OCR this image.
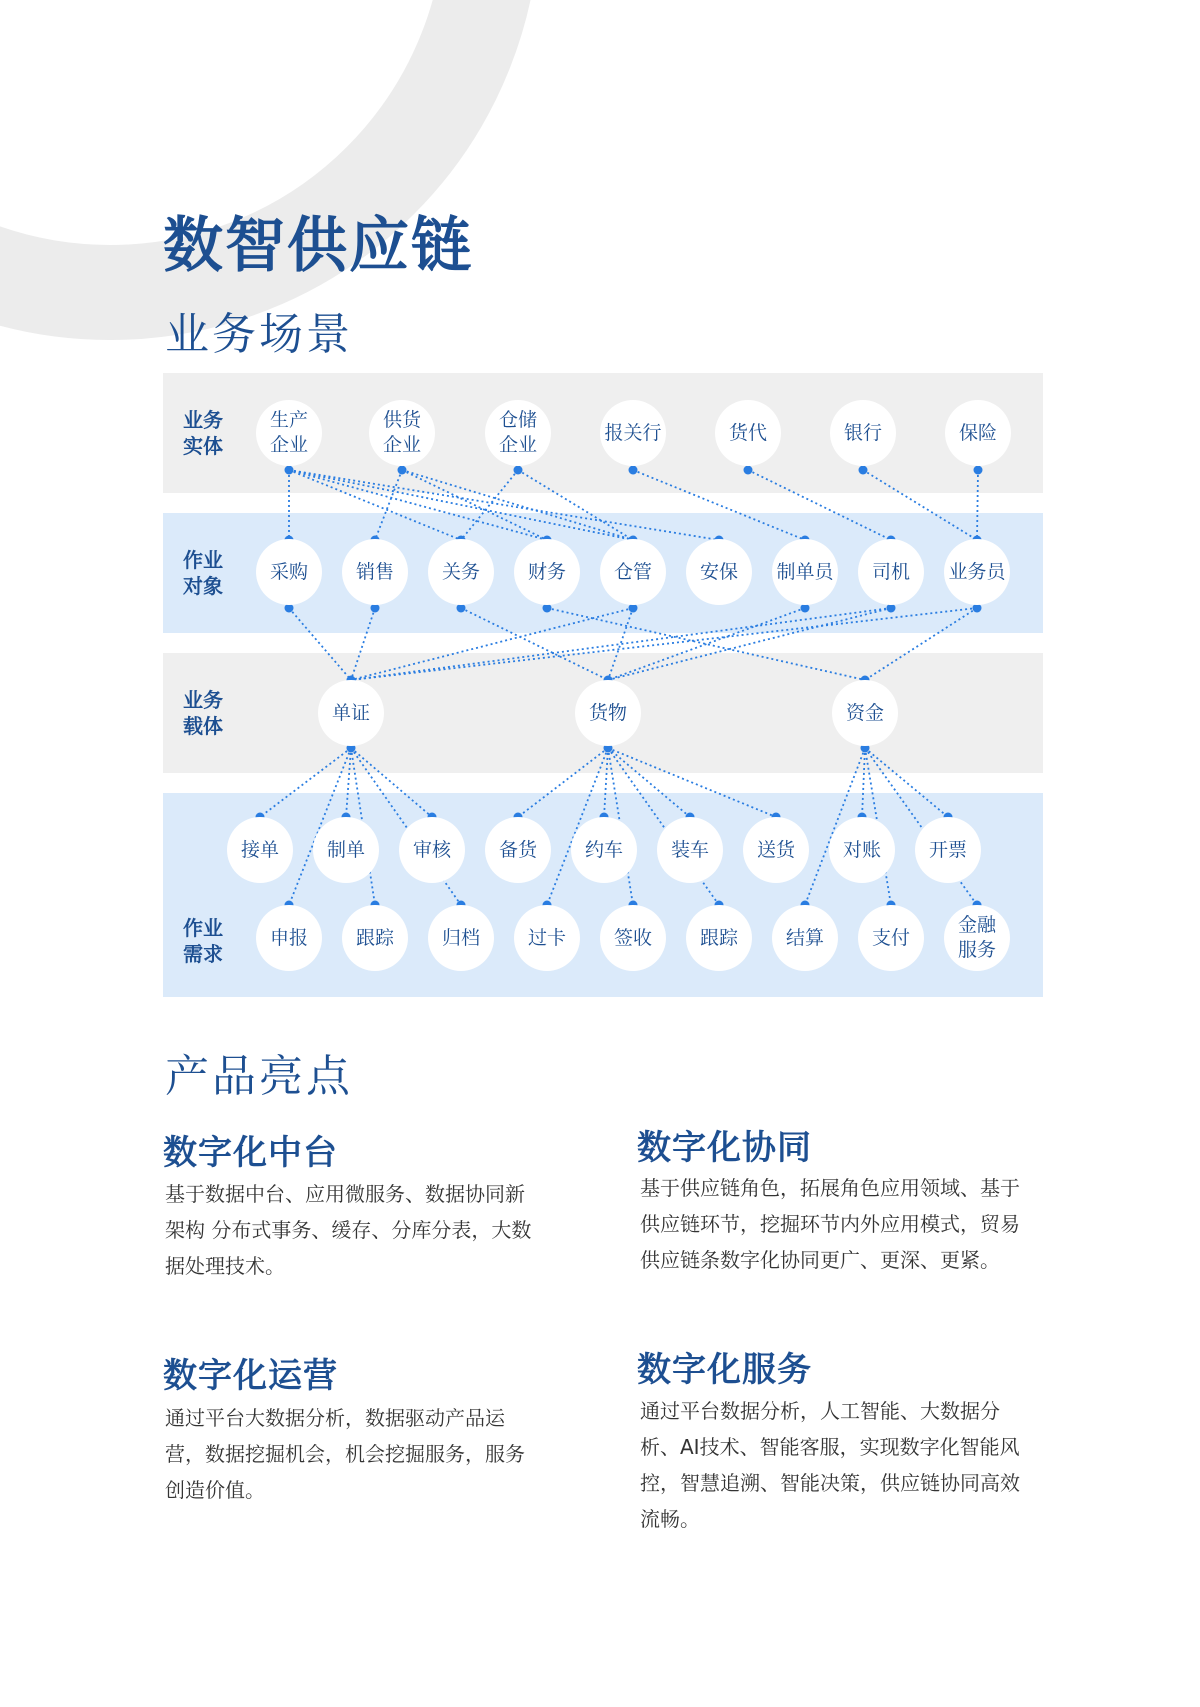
数智供应链
业务场景
业务
实体
作业
对象
业务
载体
作业
需求
生产
企业
供货
企业
仓储
企业
报关行	货代	银行	保险
采购	销售	关务	财务	仓管	安保 制单员 司机 业务员
单证	货物	资金
接单	制单	审核	备货	约车	装车	送货	对账	开票
申报	跟踪	归档	过卡	签收	跟踪	结算	支付
金融
服务
产品亮点
数字化中台

基于数据中台、应用微服务、数据协同新架构 分布式事务、缓存、分库分表，大数据处理技术。

数字化协同

基于供应链角色，拓展角色应用领域、基于供应链环节，挖掘环节内外应用模式，贸易供应链条数字化协同更广、更深、更紧。

数字化运营

通过平台大数据分析，数据驱动产品运营，数据挖掘机会，机会挖掘服务，服务创造价值。

数字化服务

通过平台数据分析，人工智能、大数据分析、AI技术、智能客服，实现数字化智能风控，智慧追溯、智能决策，供应链协同高效流畅。
